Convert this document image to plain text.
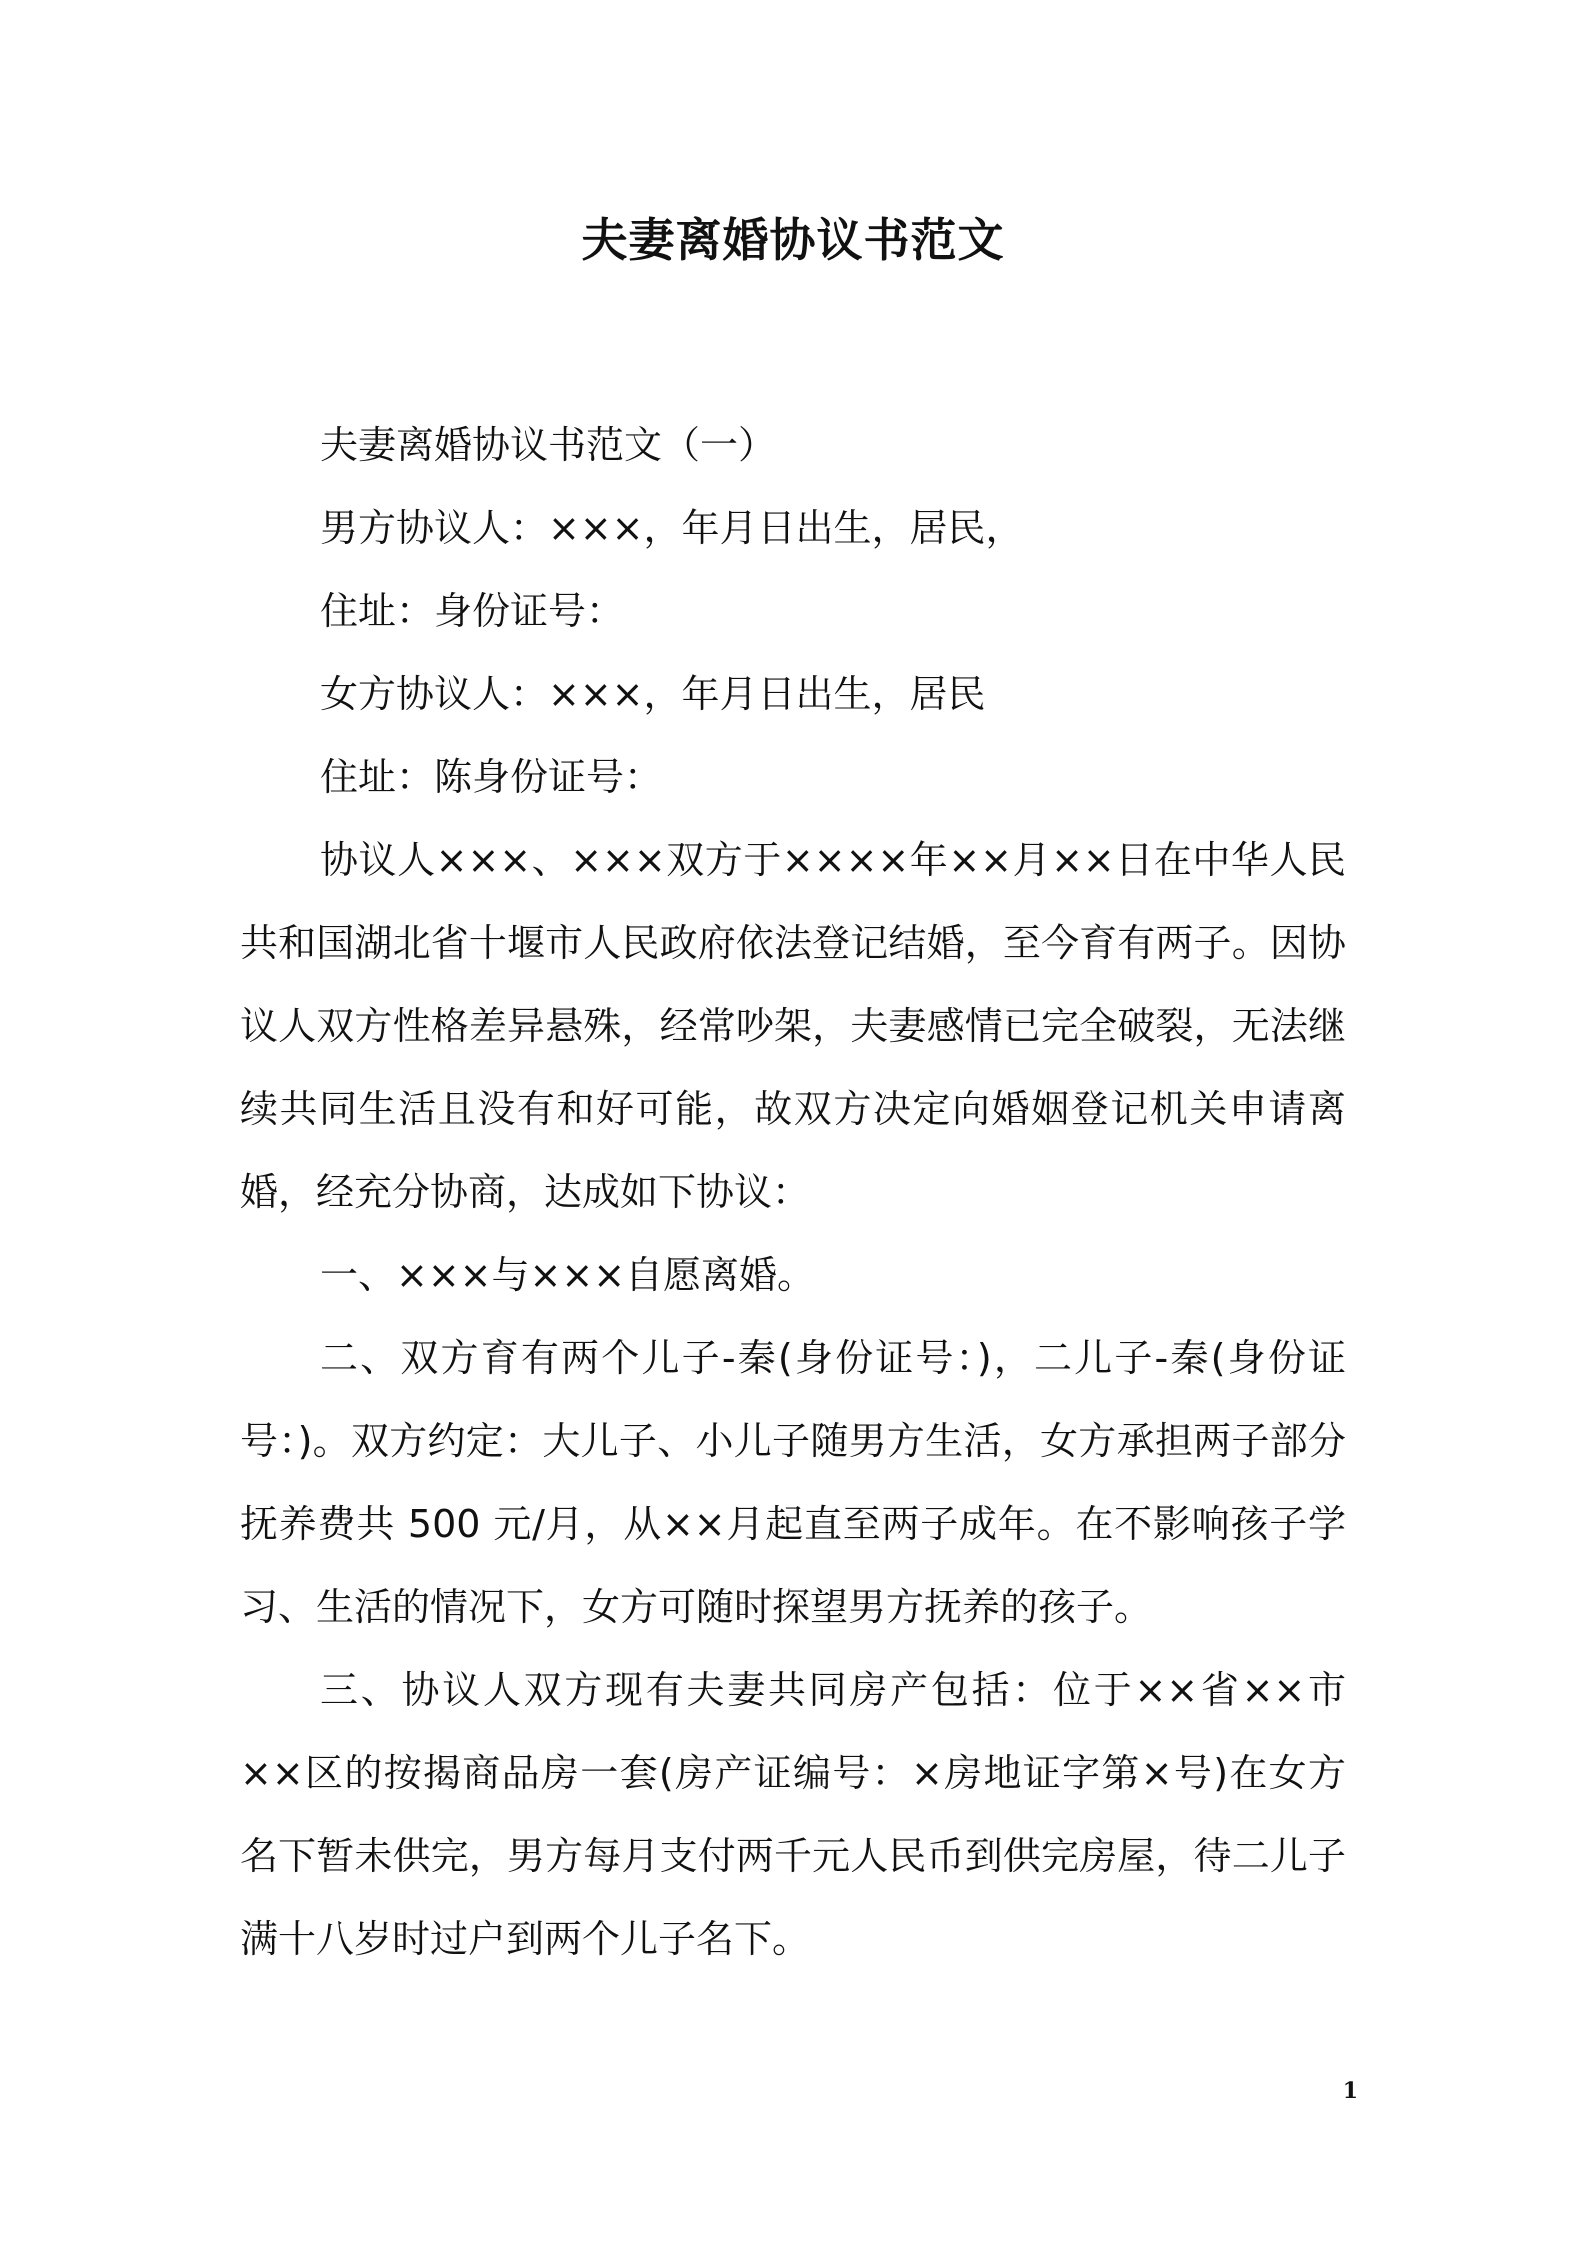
夫妻离婚协议书范文

夫妻离婚协议书范文（一）

男方协议人：×××，年月日出生，居民，

住址：身份证号：

女方协议人：×××，年月日出生，居民

住址：陈身份证号：

协议人×××、×××双方于××××年××月××日在中华人民共和国湖北省十堰市人民政府依法登记结婚，至今育有两子。因协议人双方性格差异悬殊，经常吵架，夫妻感情已完全破裂，无法继续共同生活且没有和好可能，故双方决定向婚姻登记机关申请离婚，经充分协商，达成如下协议：

一、×××与×××自愿离婚。

二、双方育有两个儿子-秦(身份证号：)，二儿子-秦(身份证号：)。双方约定：大儿子、小儿子随男方生活，女方承担两子部分抚养费共 500 元/月，从××月起直至两子成年。在不影响孩子学习、生活的情况下，女方可随时探望男方抚养的孩子。

三、协议人双方现有夫妻共同房产包括：位于××省××市××区的按揭商品房一套(房产证编号：×房地证字第×号)在女方名下暂未供完，男方每月支付两千元人民币到供完房屋，待二儿子满十八岁时过户到两个儿子名下。

1
